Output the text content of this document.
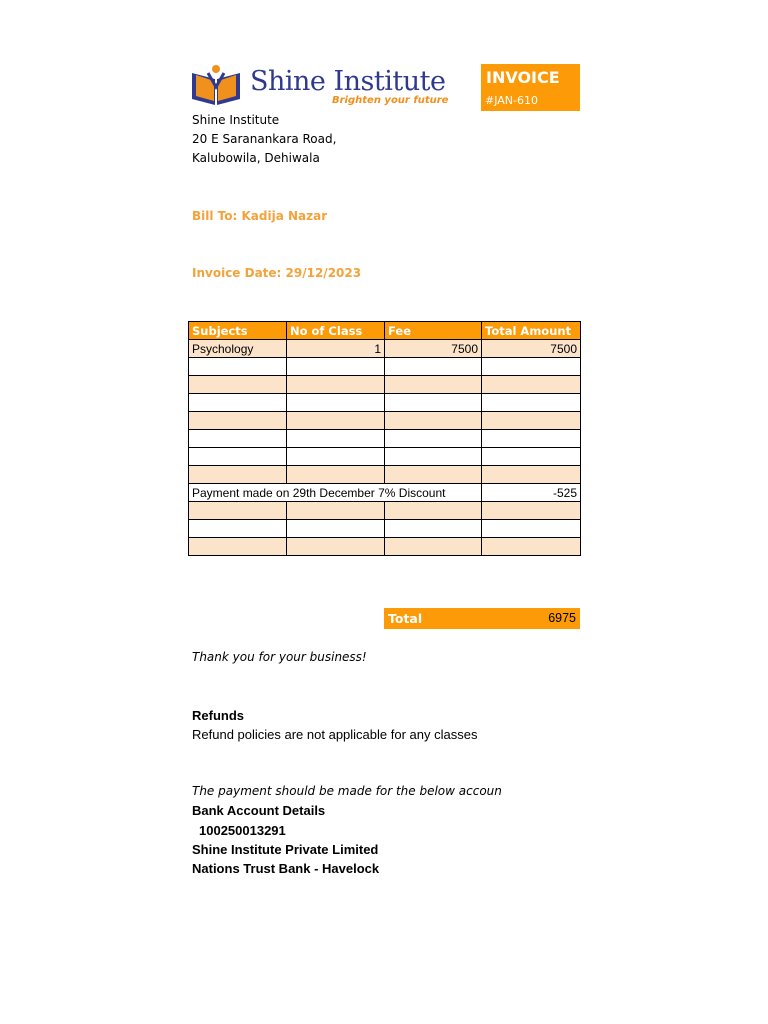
Shine Institute
Brighten your future
INVOICE
#JAN-610
Shine Institute
20 E Saranankara Road,
Kalubowila, Dehiwala
Bill To: Kadija Nazar
Invoice Date: 29/12/2023
Subjects	No of Class	Fee	Total Amount
Psychology	1	7500	7500

Payment made on 29th December 7% Discount			-525

Total	6975
Thank you for your business!
Refunds
Refund policies are not applicable for any classes
The payment should be made for the below accoun
Bank Account Details
100250013291
Shine Institute Private Limited
Nations Trust Bank - Havelock
